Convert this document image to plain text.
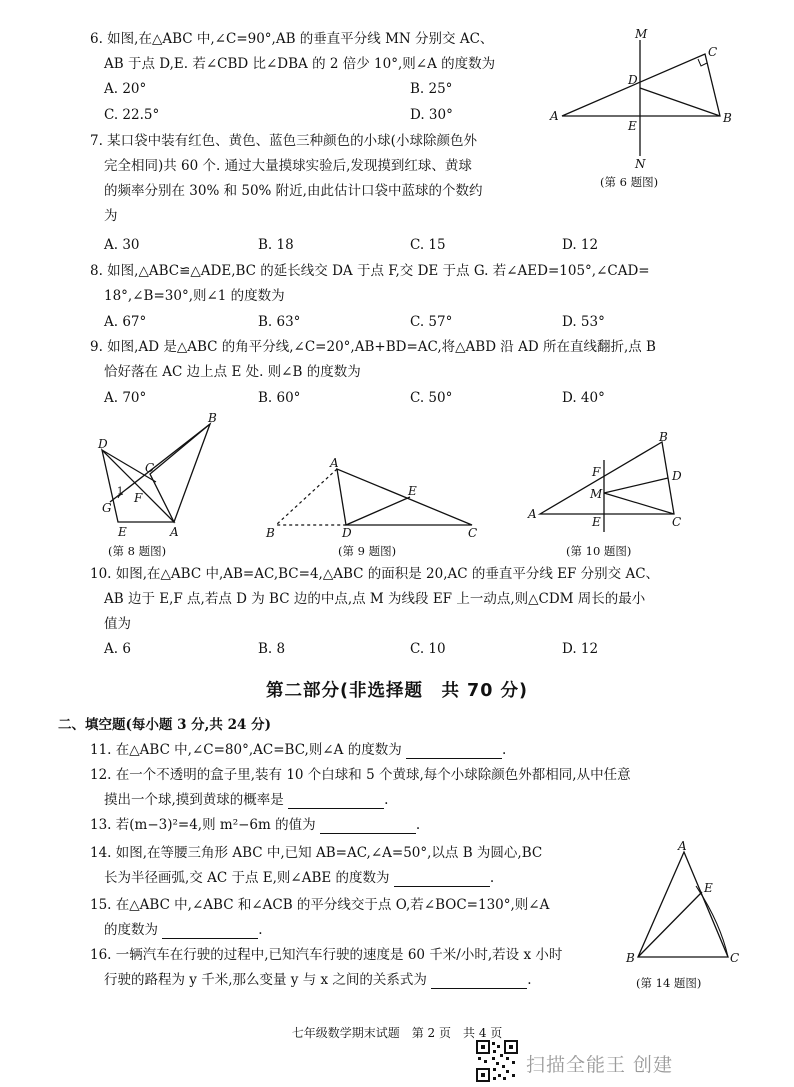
6. 如图,在△ABC 中,∠C=90°,AB 的垂直平分线 MN 分别交 AC、
AB 于点 D,E. 若∠CBD 比∠DBA 的 2 倍少 10°,则∠A 的度数为
A. 20°	B. 25°
C. 22.5°	D. 30°
M
N
A	B
C
D
E
(第 6 题图)
7. 某口袋中装有红色、黄色、蓝色三种颜色的小球(小球除颜色外
完全相同)共 60 个. 通过大量摸球实验后,发现摸到红球、黄球
的频率分别在 30% 和 50% 附近,由此估计口袋中蓝球的个数约
为
A. 30	B. 18	C. 15	D. 12
8. 如图,△ABC≌△ADE,BC 的延长线交 DA 于点 F,交 DE 于点 G. 若∠AED=105°,∠CAD=
18°,∠B=30°,则∠1 的度数为
A. 67°	B. 63°	C. 57°	D. 53°
9. 如图,AD 是△ABC 的角平分线,∠C=20°,AB+BD=AC,将△ABD 沿 AD 所在直线翻折,点 B
恰好落在 AC 边上点 E 处. 则∠B 的度数为
A. 70°	B. 60°	C. 50°	D. 40°
D
B
C
F
G
1
E	A
(第 8 题图)
A
B	D
E
C
(第 9 题图)
B
D
F
M
A
E	C
(第 10 题图)
10. 如图,在△ABC 中,AB=AC,BC=4,△ABC 的面积是 20,AC 的垂直平分线 EF 分别交 AC、
AB 边于 E,F 点,若点 D 为 BC 边的中点,点 M 为线段 EF 上一动点,则△CDM 周长的最小
值为
A. 6	B. 8	C. 10	D. 12
第二部分(非选择题　共 70 分)
二、填空题(每小题 3 分,共 24 分)
11. 在△ABC 中,∠C=80°,AC=BC,则∠A 的度数为	.
12. 在一个不透明的盒子里,装有 10 个白球和 5 个黄球,每个小球除颜色外都相同,从中任意
摸出一个球,摸到黄球的概率是	.
13. 若(m−3)²=4,则 m²−6m 的值为	.
14. 如图,在等腰三角形 ABC 中,已知 AB=AC,∠A=50°,以点 B 为圆心,BC
长为半径画弧,交 AC 于点 E,则∠ABE 的度数为	.
15. 在△ABC 中,∠ABC 和∠ACB 的平分线交于点 O,若∠BOC=130°,则∠A
的度数为	.
16. 一辆汽车在行驶的过程中,已知汽车行驶的速度是 60 千米/小时,若设 x 小时
行驶的路程为 y 千米,那么变量 y 与 x 之间的关系式为	.
A
E
B	C
(第 14 题图)
七年级数学期末试题　第 2 页　共 4 页
扫描全能王 创建
